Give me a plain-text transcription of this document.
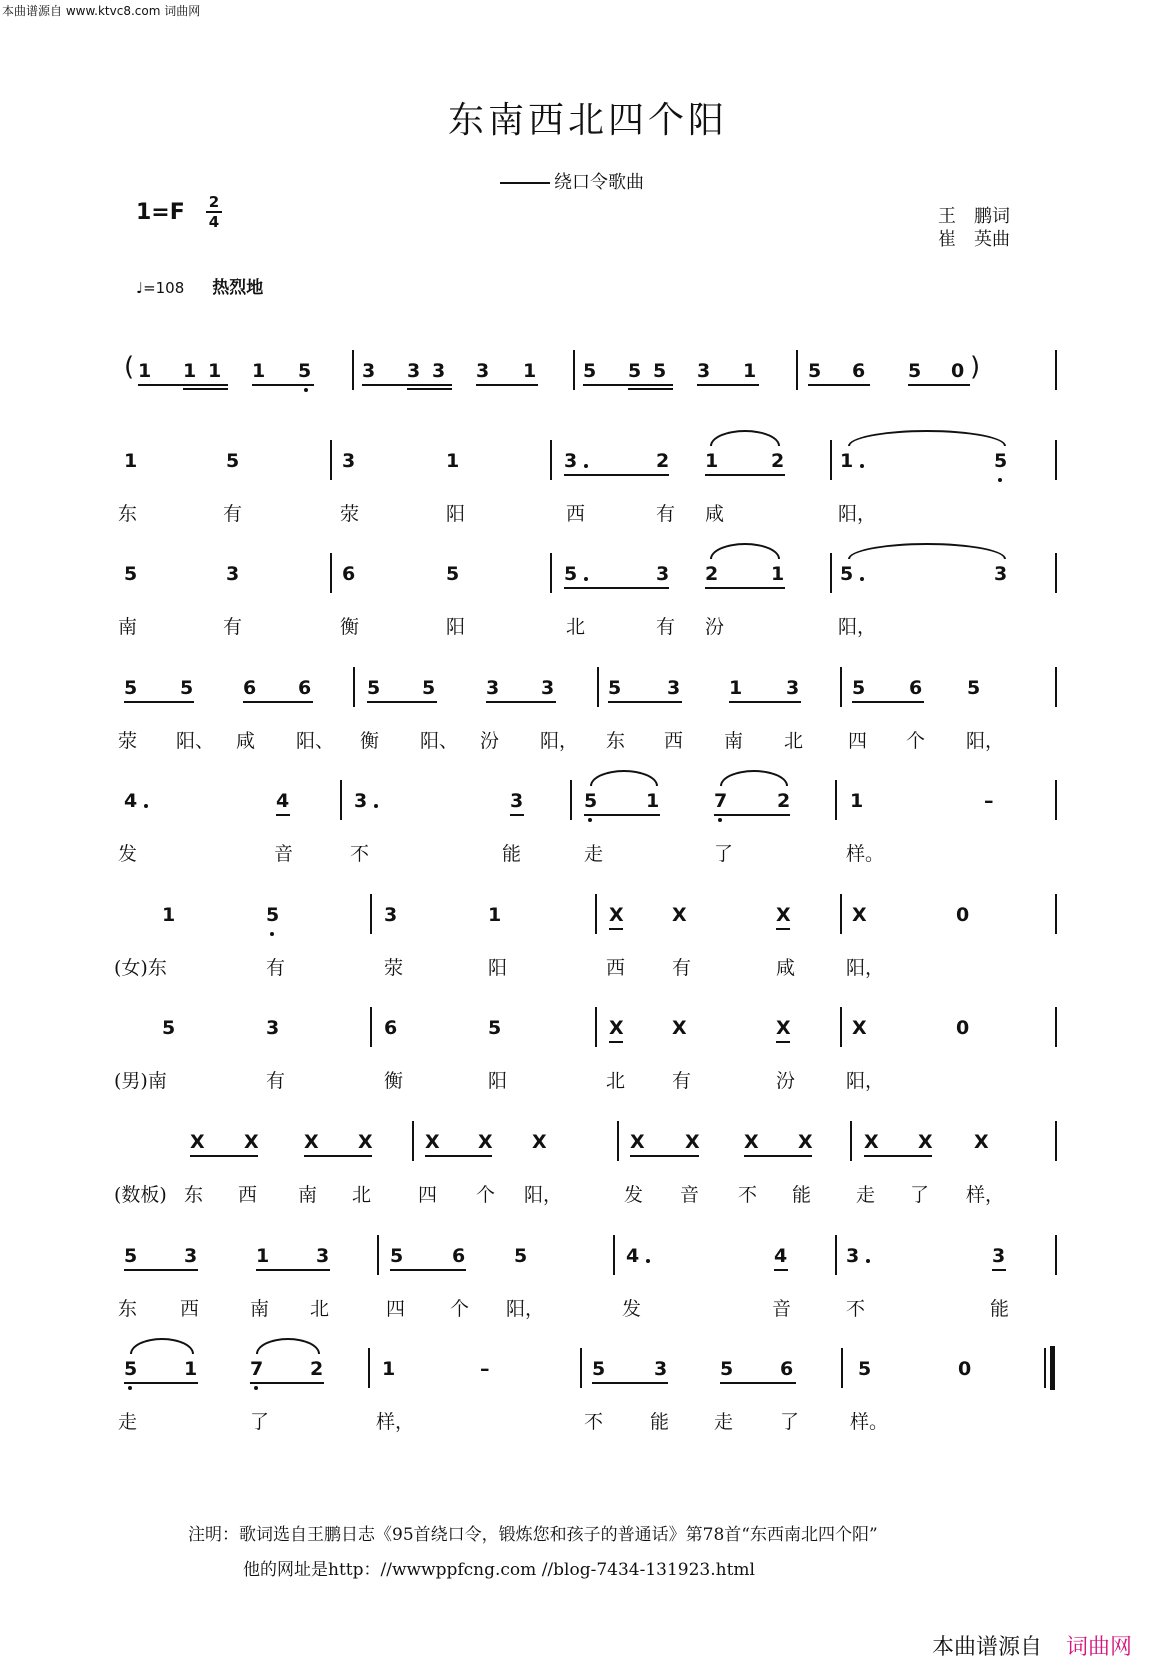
本曲谱源自 www.ktvc8.com 词曲网
东南西北四个阳
绕口令歌曲
1=F 2
4	王　鹏词
崔　英曲
♩=108 热烈地
( 1 1 1 1 5	3 3 3 3 1 5 5 5 3 1	5 6 5 0 )
1	5	3	1	3	2 1	2	1	5
东	有	荥	阳	西	有 咸	阳，
5	3	6	5	5	3 2	1	5	3
南	有	衡	阳	北	有 汾	阳，
5 5	6 6	5 5	3 3	5 3	1 3	5 6 5
荥 阳、 咸 阳、 衡 阳、 汾 阳， 东 西 南 北 四 个 阳，
4	4	3	3	5	1	7	2	1	–
发	音	不	能	走	了	样。
1	5	3	1	X	X	X	X	0
(女)东	有	荥	阳	西 有	咸	阳，
5	3	6	5	X	X	X	X	0
(男)南	有	衡	阳	北 有	汾	阳，
X X X X	X X X	X X X X	X X X
(数板) 东 西 南 北 四 个 阳，	发 音 不 能 走 了 样，
5 3	1 3	5	6	5	4	4	3	3
东 西	南 北	四 个 阳，	发	音	不	能
5 1	7 2	1	–	5	3	5 6	5	0
走	了	样，	不 能 走 了	样。
注明：歌词选自王鹏日志《95首绕口令，锻炼您和孩子的普通话》第78首“东西南北四个阳”
他的网址是http：//wwwppfcng.com //blog-7434-131923.html
本曲谱源自 词曲网
